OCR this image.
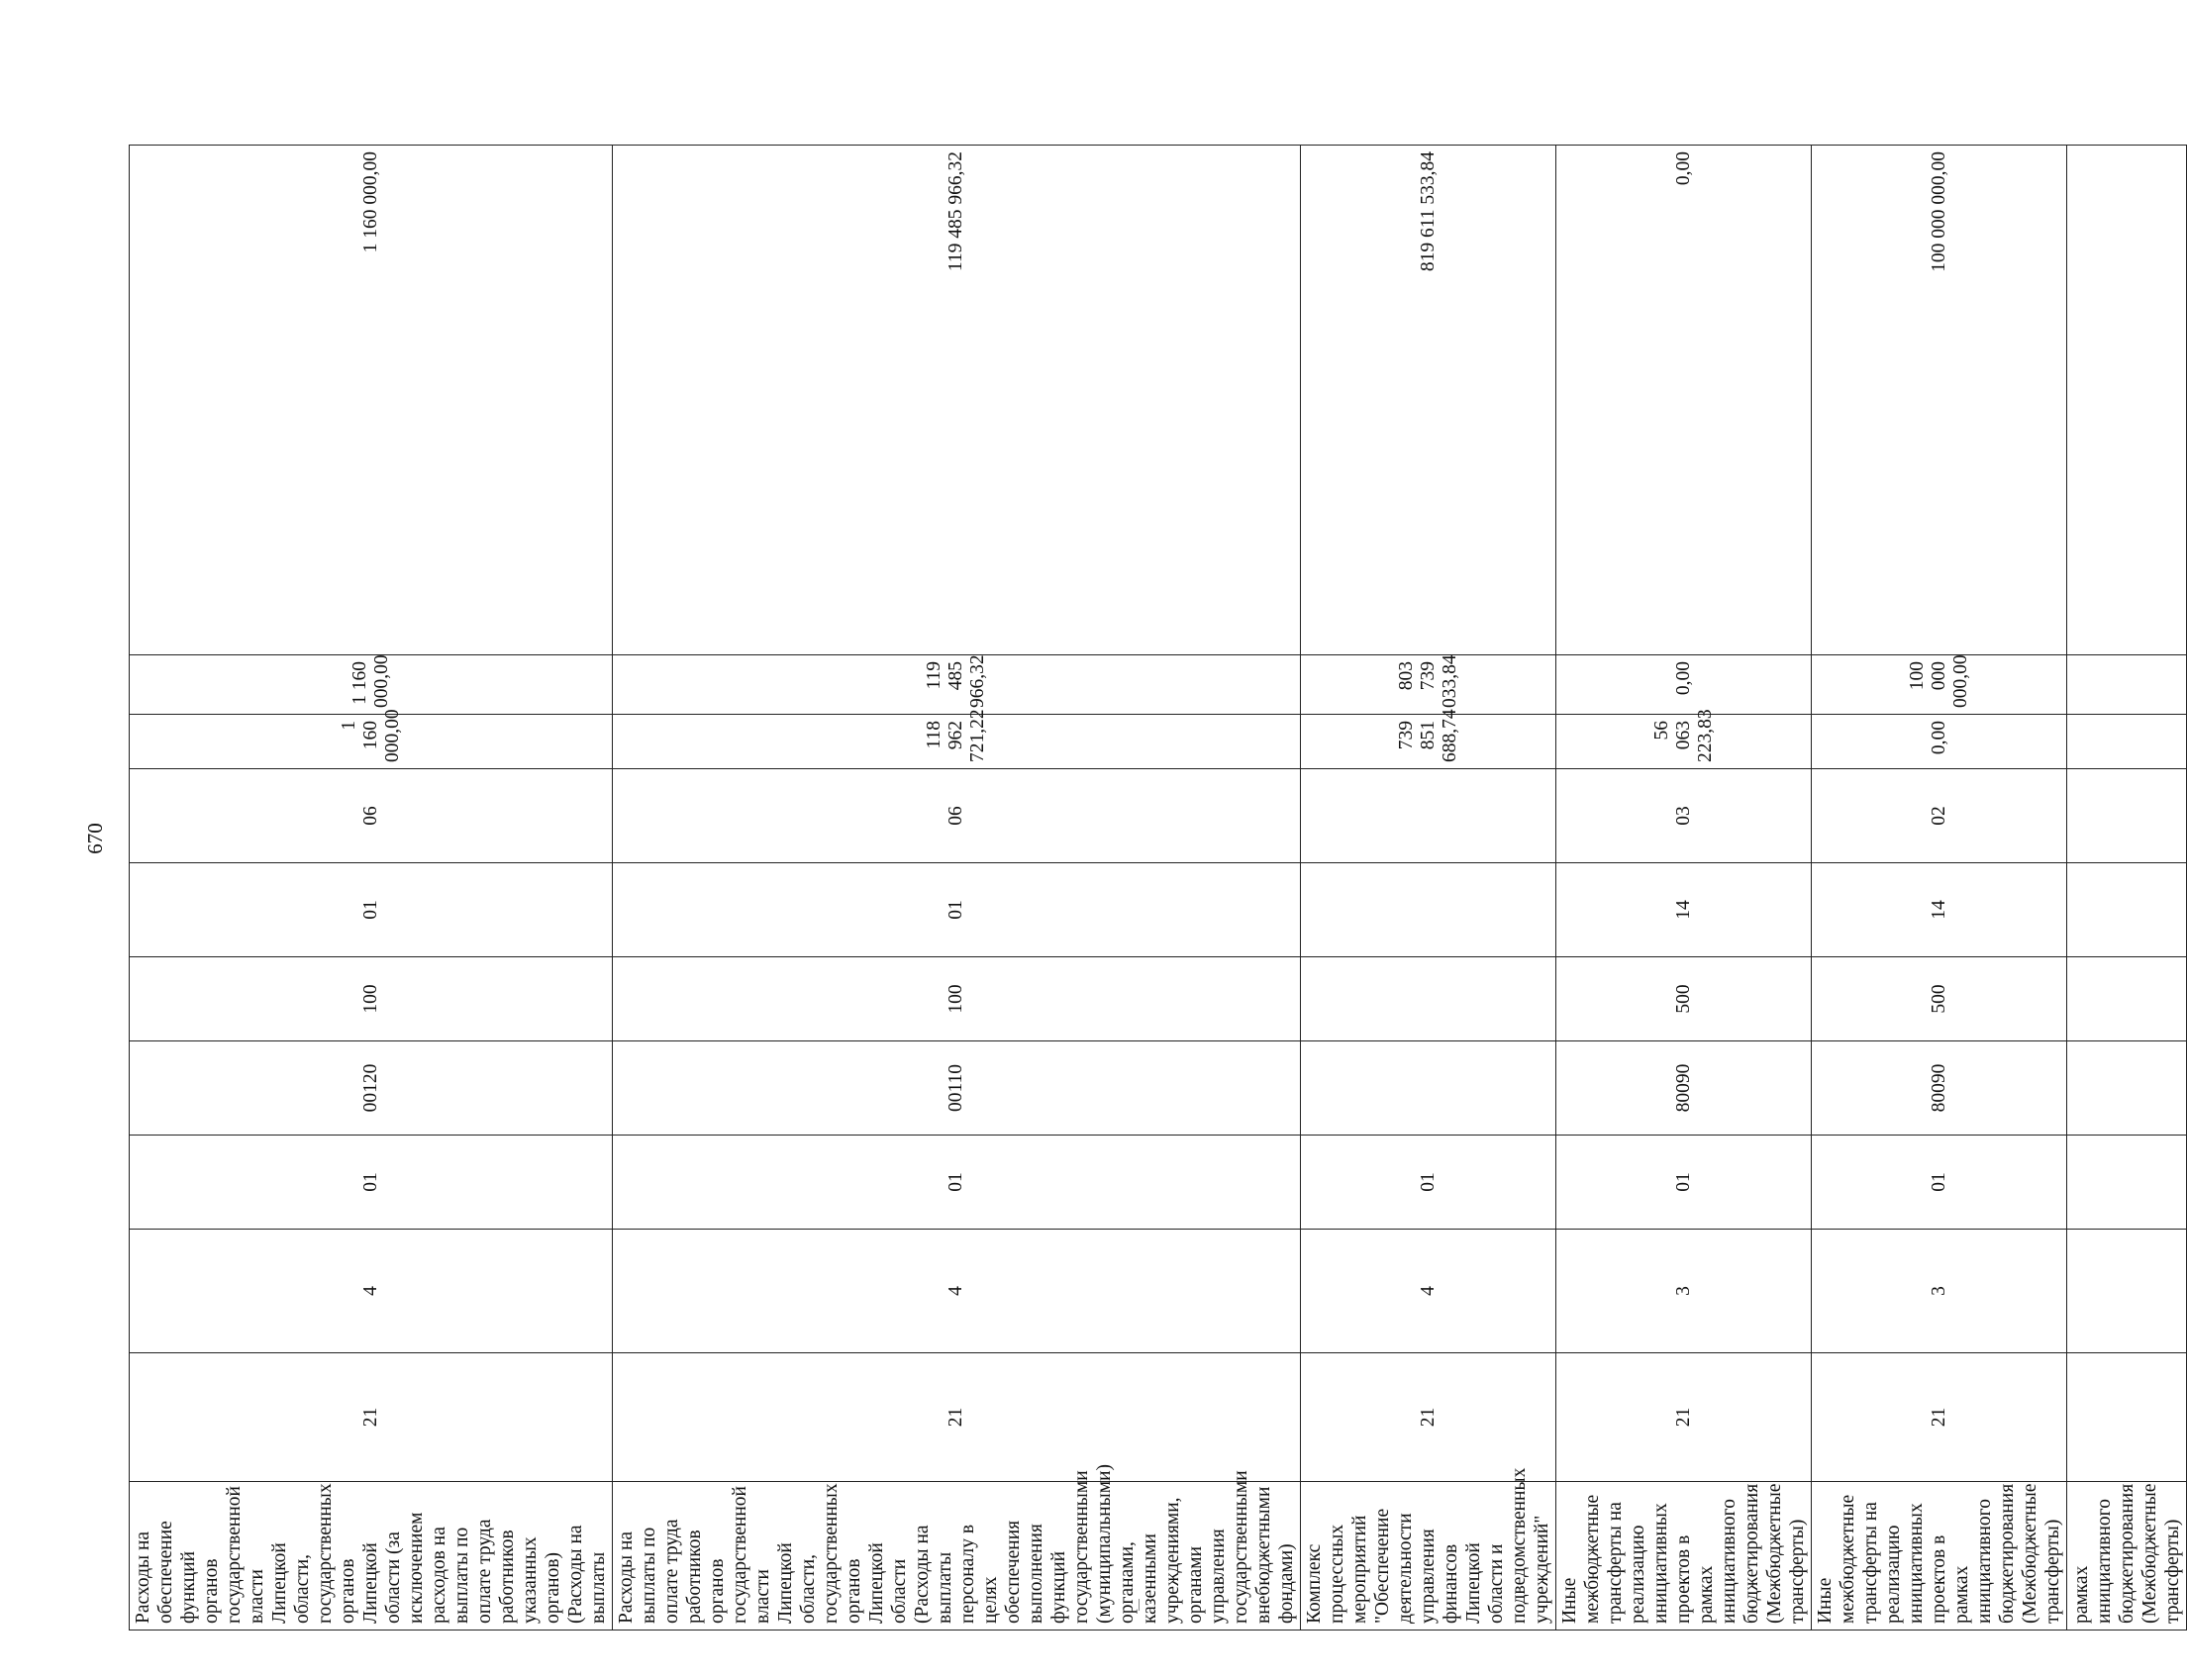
670
Расходы на обеспечение функций органов государственной власти Липецкой области, государственных органов Липецкой области (за исключением расходов на выплаты по оплате труда работников указанных органов) (Расходы на выплаты	21	4	01	00120	100	01	06	1 160 000,00	1 160 000,00	1 160 000,00
Расходы на выплаты по оплате труда работников органов государственной власти Липецкой области, государственных органов Липецкой области (Расходы на выплаты персоналу в целях обеспечения выполнения функций государственными (муниципальными) органами, казенными учреждениями, органами управления государственными внебюджетными фондами)	21	4	01	00110	100	01	06	118 962 721,22	119 485 966,32	119 485 966,32
Комплекс процессных мероприятий "Обеспечение деятельности управления финансов Липецкой области и подведомственных учреждений"	21	4	01					739 851 688,74	803 739 033,84	819 611 533,84
Иные межбюджетные трансферты на реализацию инициативных проектов в рамках инициативного бюджетирования (Межбюджетные трансферты)	21	3	01	80090	500	14	03	56 063 223,83	0,00	0,00
Иные межбюджетные трансферты на реализацию инициативных проектов в рамках инициативного бюджетирования (Межбюджетные трансферты)	21	3	01	80090	500	14	02	0,00	100 000 000,00	100 000 000,00
рамках инициативного бюджетирования (Межбюджетные трансферты)										
